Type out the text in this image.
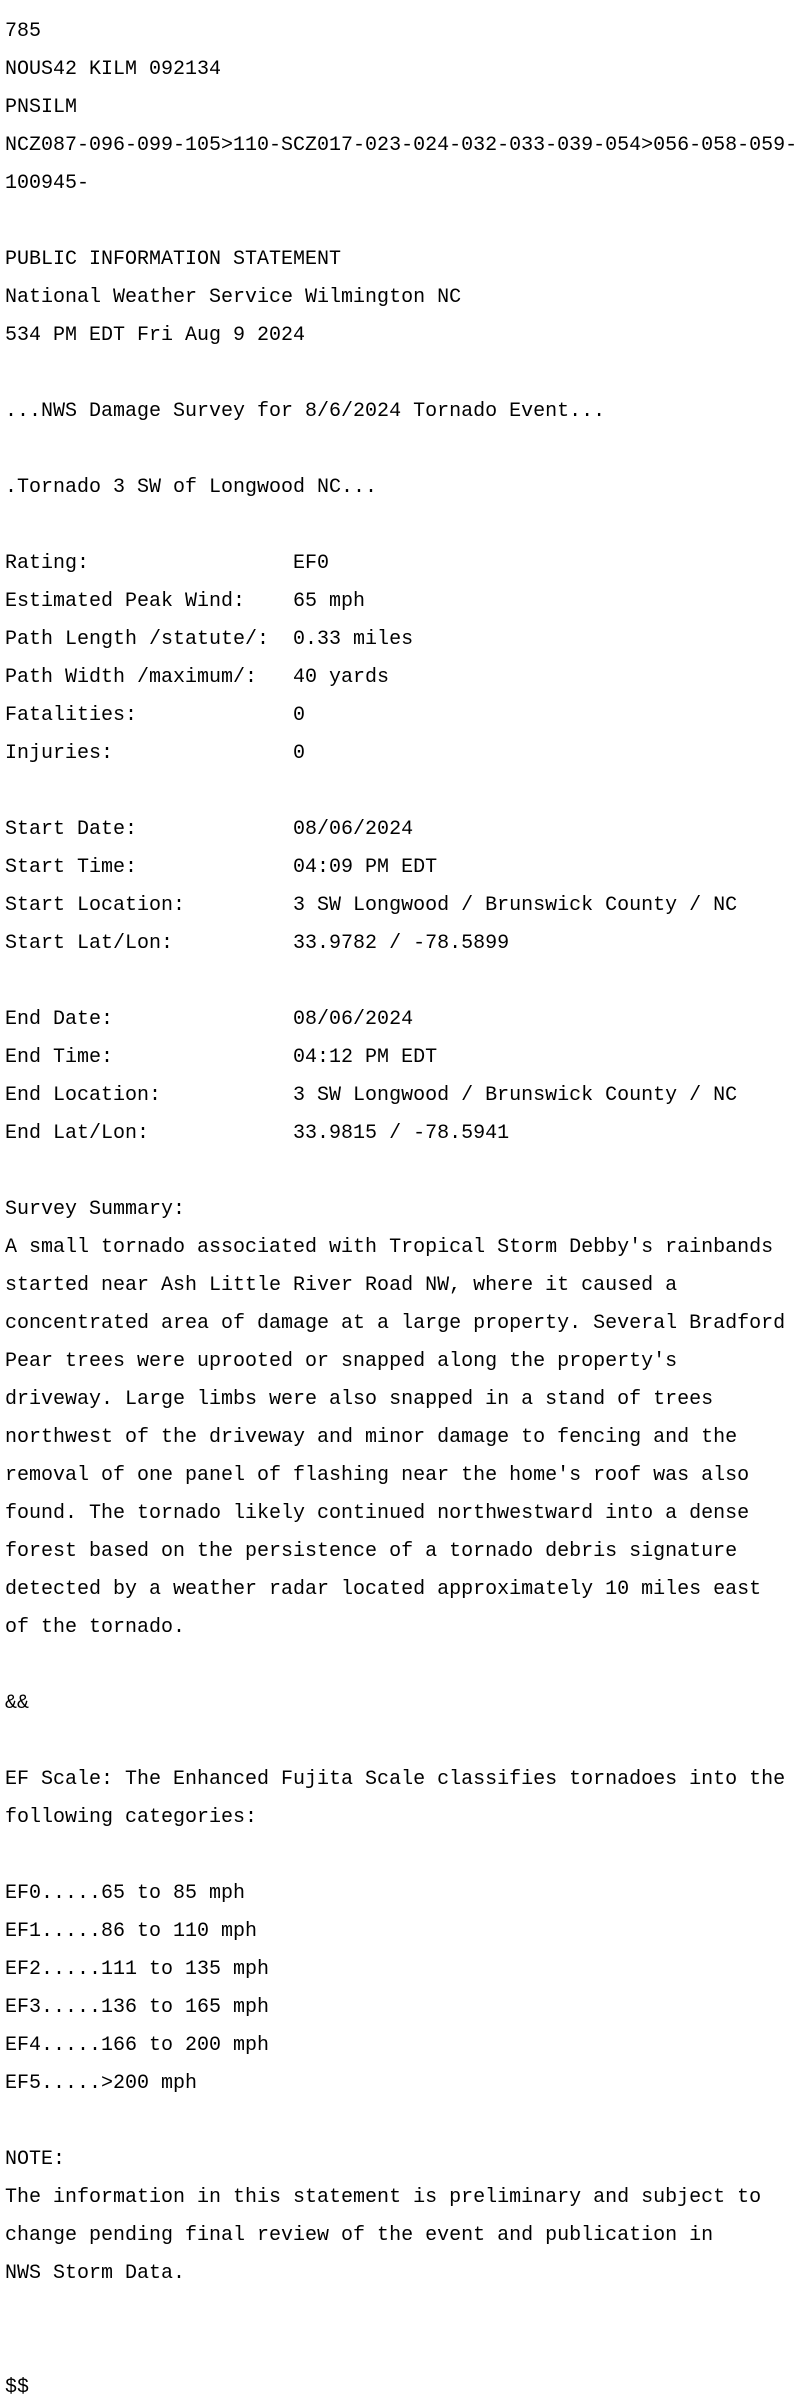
785

NOUS42 KILM 092134

PNSILM

NCZ087-096-099-105>110-SCZ017-023-024-032-033-039-054>056-058-059-

100945-

PUBLIC INFORMATION STATEMENT

National Weather Service Wilmington NC

534 PM EDT Fri Aug 9 2024

...NWS Damage Survey for 8/6/2024 Tornado Event...

.Tornado 3 SW of Longwood NC...

Rating:                 EF0

Estimated Peak Wind:    65 mph

Path Length /statute/:  0.33 miles

Path Width /maximum/:   40 yards

Fatalities:             0

Injuries:               0

Start Date:             08/06/2024

Start Time:             04:09 PM EDT

Start Location:         3 SW Longwood / Brunswick County / NC

Start Lat/Lon:          33.9782 / -78.5899

End Date:               08/06/2024

End Time:               04:12 PM EDT

End Location:           3 SW Longwood / Brunswick County / NC

End Lat/Lon:            33.9815 / -78.5941

Survey Summary:

A small tornado associated with Tropical Storm Debby's rainbands

started near Ash Little River Road NW, where it caused a

concentrated area of damage at a large property. Several Bradford

Pear trees were uprooted or snapped along the property's

driveway. Large limbs were also snapped in a stand of trees

northwest of the driveway and minor damage to fencing and the

removal of one panel of flashing near the home's roof was also

found. The tornado likely continued northwestward into a dense

forest based on the persistence of a tornado debris signature

detected by a weather radar located approximately 10 miles east

of the tornado.

&&

EF Scale: The Enhanced Fujita Scale classifies tornadoes into the

following categories:

EF0.....65 to 85 mph

EF1.....86 to 110 mph

EF2.....111 to 135 mph

EF3.....136 to 165 mph

EF4.....166 to 200 mph

EF5.....>200 mph

NOTE:

The information in this statement is preliminary and subject to

change pending final review of the event and publication in

NWS Storm Data.

$$
